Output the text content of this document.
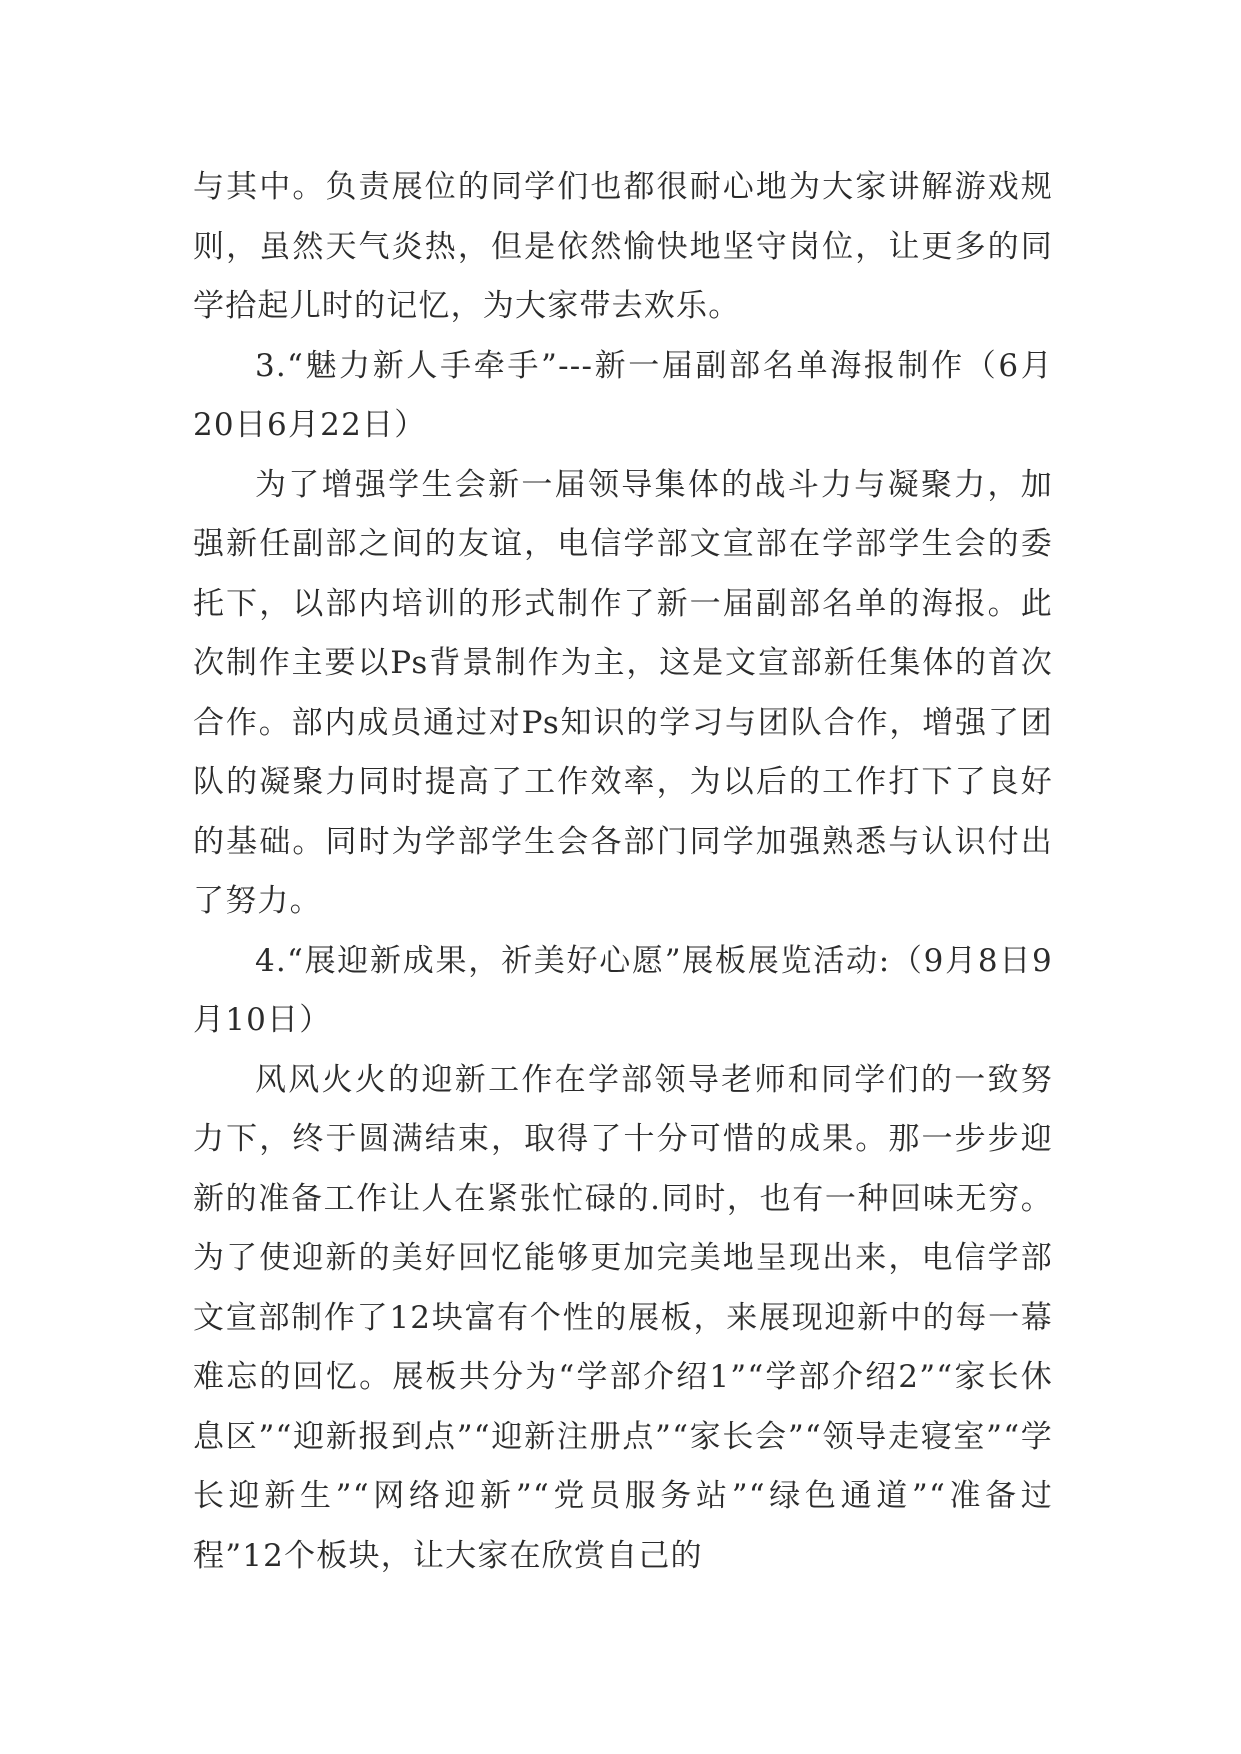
与其中。负责展位的同学们也都很耐心地为大家讲解游戏规则，虽然天气炎热，但是依然愉快地坚守岗位，让更多的同学拾起儿时的记忆，为大家带去欢乐。

3.“魅力新人手牵手”---新一届副部名单海报制作（6月20日6月22日）

为了增强学生会新一届领导集体的战斗力与凝聚力，加强新任副部之间的友谊，电信学部文宣部在学部学生会的委托下，以部内培训的形式制作了新一届副部名单的海报。此次制作主要以Ps背景制作为主，这是文宣部新任集体的首次合作。部内成员通过对Ps知识的学习与团队合作，增强了团队的凝聚力同时提高了工作效率，为以后的工作打下了良好的基础。同时为学部学生会各部门同学加强熟悉与认识付出了努力。

4.“展迎新成果，祈美好心愿”展板展览活动:（9月8日9月10日）

风风火火的迎新工作在学部领导老师和同学们的一致努力下，终于圆满结束，取得了十分可惜的成果。那一步步迎新的准备工作让人在紧张忙碌的.同时，也有一种回味无穷。为了使迎新的美好回忆能够更加完美地呈现出来，电信学部文宣部制作了12块富有个性的展板，来展现迎新中的每一幕难忘的回忆。展板共分为“学部介绍1”“学部介绍2”“家长休息区”“迎新报到点”“迎新注册点”“家长会”“领导走寝室”“学长迎新生”“网络迎新”“党员服务站”“绿色通道”“准备过程”12个板块，让大家在欣赏自己的
